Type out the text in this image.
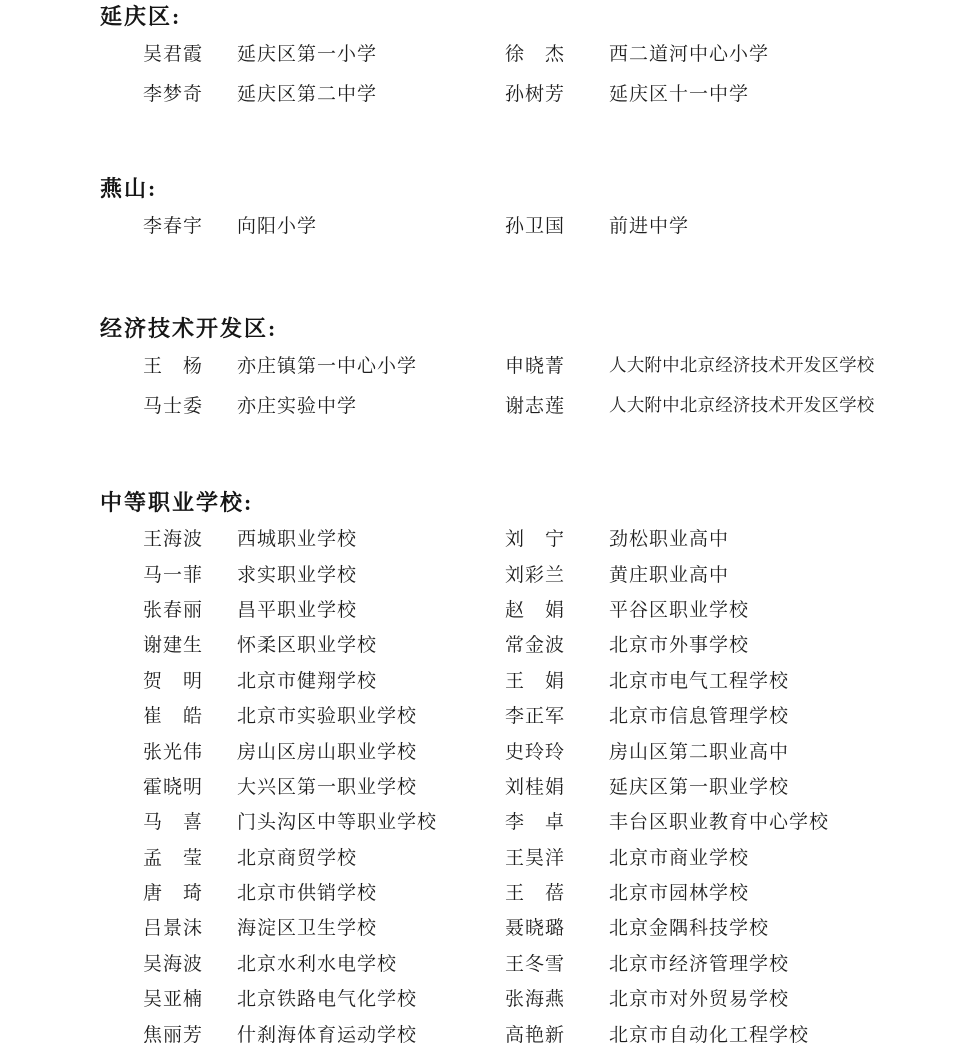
延庆区:
吴君霞	延庆区第一小学	徐　杰	西二道河中心小学
李梦奇	延庆区第二中学	孙树芳	延庆区十一中学
燕山:
李春宇	向阳小学	孙卫国	前进中学
经济技术开发区:
王　杨	亦庄镇第一中心小学	申晓菁	人大附中北京经济技术开发区学校
马士委	亦庄实验中学	谢志莲	人大附中北京经济技术开发区学校
中等职业学校:
王海波	西城职业学校	刘　宁	劲松职业高中
马一菲	求实职业学校	刘彩兰	黄庄职业高中
张春丽	昌平职业学校	赵　娟	平谷区职业学校
谢建生	怀柔区职业学校	常金波	北京市外事学校
贺　明	北京市健翔学校	王　娟	北京市电气工程学校
崔　皓	北京市实验职业学校	李正军	北京市信息管理学校
张光伟	房山区房山职业学校	史玲玲	房山区第二职业高中
霍晓明	大兴区第一职业学校	刘桂娟	延庆区第一职业学校
马　喜	门头沟区中等职业学校	李　卓	丰台区职业教育中心学校
孟　莹	北京商贸学校	王昊洋	北京市商业学校
唐　琦	北京市供销学校	王　蓓	北京市园林学校
吕景沫	海淀区卫生学校	聂晓璐	北京金隅科技学校
吴海波	北京水利水电学校	王冬雪	北京市经济管理学校
吴亚楠	北京铁路电气化学校	张海燕	北京市对外贸易学校
焦丽芳	什刹海体育运动学校	高艳新	北京市自动化工程学校
